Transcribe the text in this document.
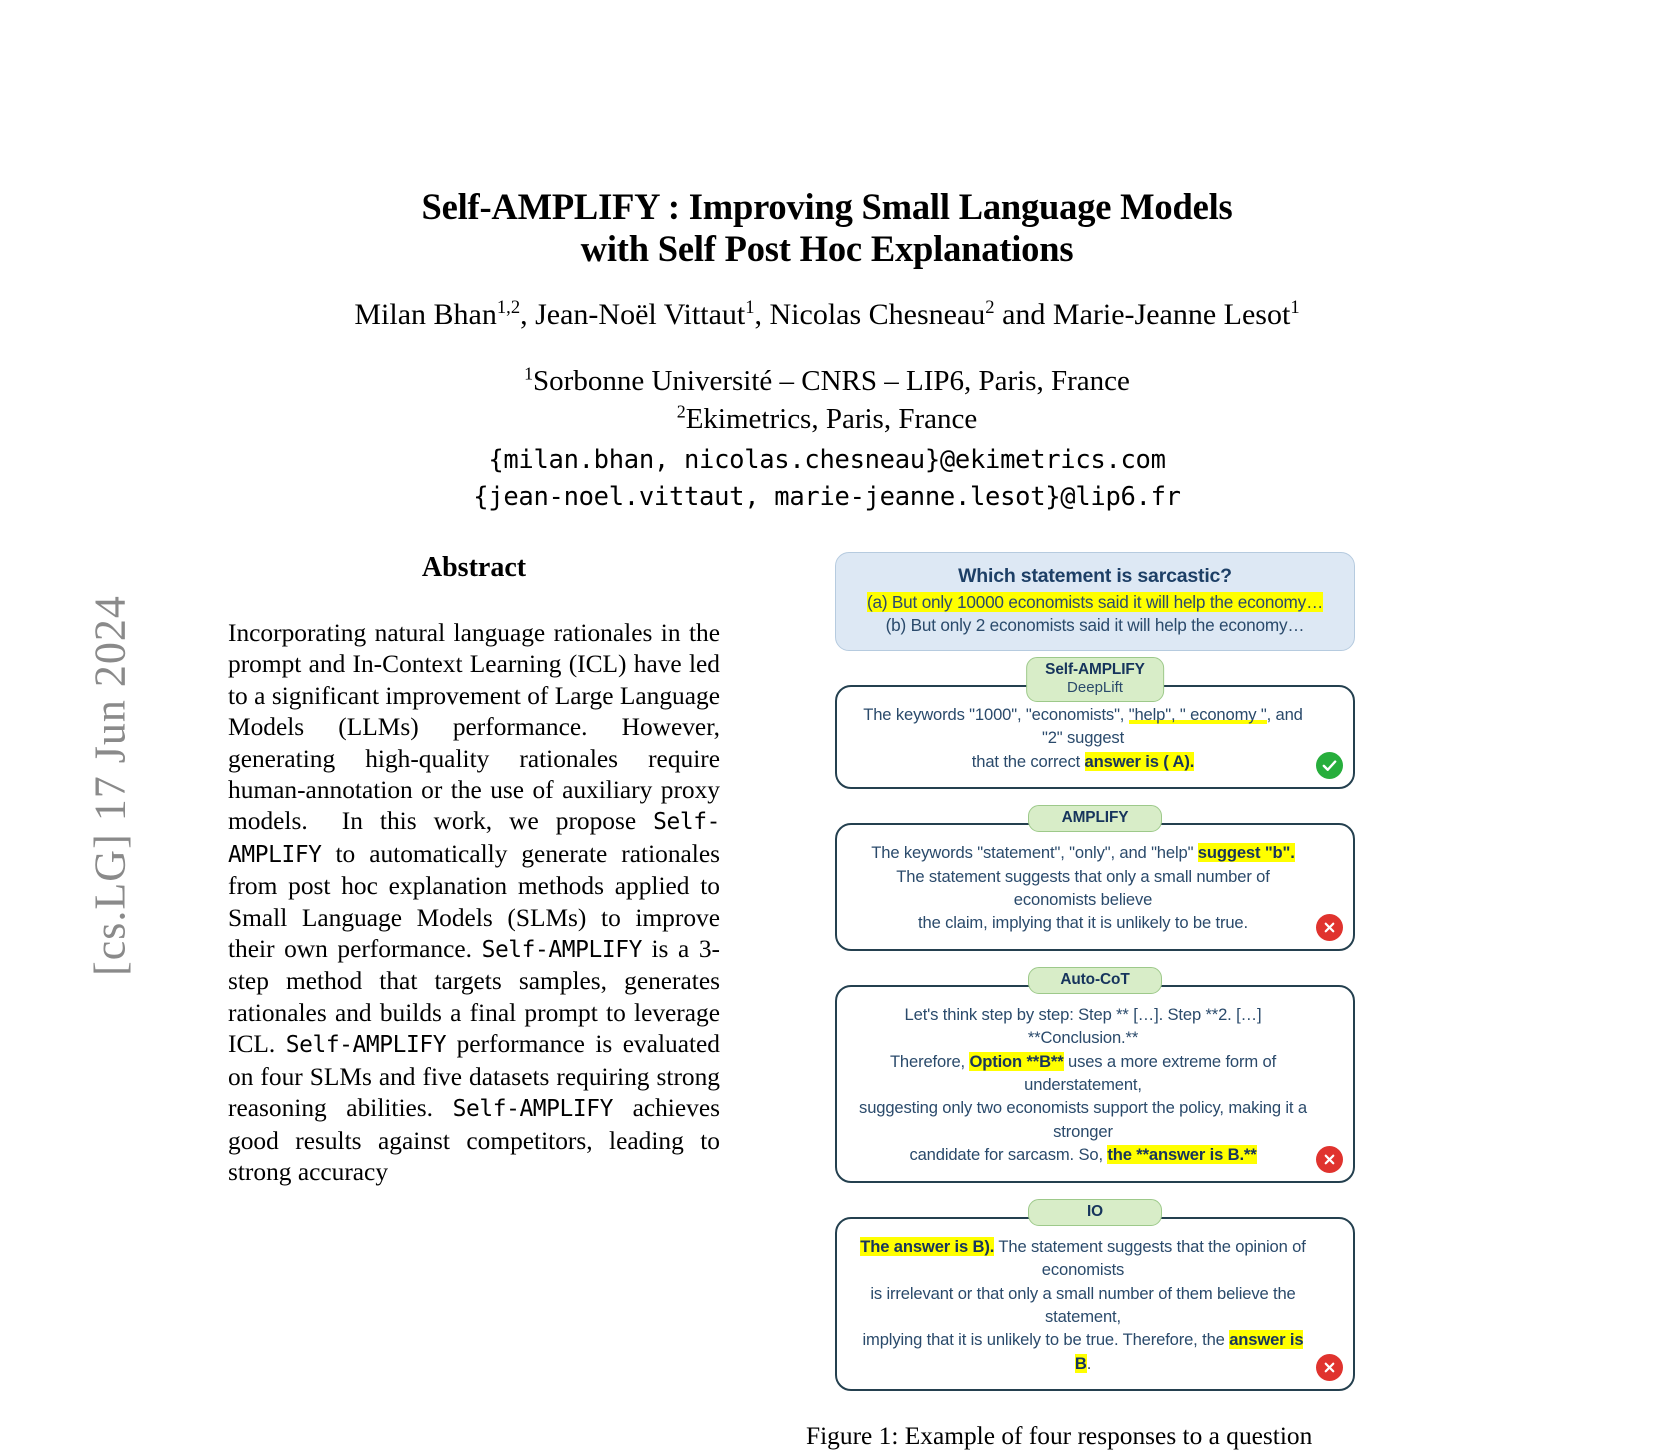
[cs.LG] 17 Jun 2024
Self-AMPLIFY : Improving Small Language Models
with Self Post Hoc Explanations
Milan Bhan$^{1,2}$, Jean-Noël Vittaut$^1$, Nicolas Chesneau$^2$ and Marie-Jeanne Lesot$^1$
$^1$Sorbonne Université – CNRS – LIP6, Paris, France
$^2$Ekimetrics, Paris, France
{milan.bhan, nicolas.chesneau}@ekimetrics.com
{jean-noel.vittaut, marie-jeanne.lesot}@lip6.fr
Abstract
Incorporating natural language rationales in the prompt and In-Context Learning (ICL) have led to a significant improvement of Large Language Models (LLMs) performance. However, generating high-quality rationales require human-annotation or the use of auxiliary proxy models. In this work, we propose Self-AMPLIFY to automatically generate rationales from post hoc explanation methods applied to Small Language Models (SLMs) to improve their own performance. Self-AMPLIFY is a 3-step method that targets samples, generates rationales and builds a final prompt to leverage ICL. Self-AMPLIFY performance is evaluated on four SLMs and five datasets requiring strong reasoning abilities. Self-AMPLIFY achieves good results against competitors, leading to strong accuracy
Which statement is sarcastic?
(a) But only 10000 economists said it will help the economy…
(b) But only 2 economists said it will help the economy…
Self-AMPLIFY
DeepLift
The keywords "1000", "economists", "help", " economy ", and "2" suggest
that the correct answer is ( A).
AMPLIFY
The keywords "statement", "only", and "help" suggest "b".
The statement suggests that only a small number of economists believe
the claim, implying that it is unlikely to be true.
Auto-CoT
Let's think step by step: Step ** […]. Step **2. […] **Conclusion.**
Therefore, Option **B** uses a more extreme form of understatement,
suggesting only two economists support the policy, making it a stronger
candidate for sarcasm. So, the **answer is B.**
IO
The answer is B). The statement suggests that the opinion of economists
is irrelevant or that only a small number of them believe the statement,
implying that it is unlikely to be true. Therefore, the answer is B.
Figure 1: Example of four responses to a question
